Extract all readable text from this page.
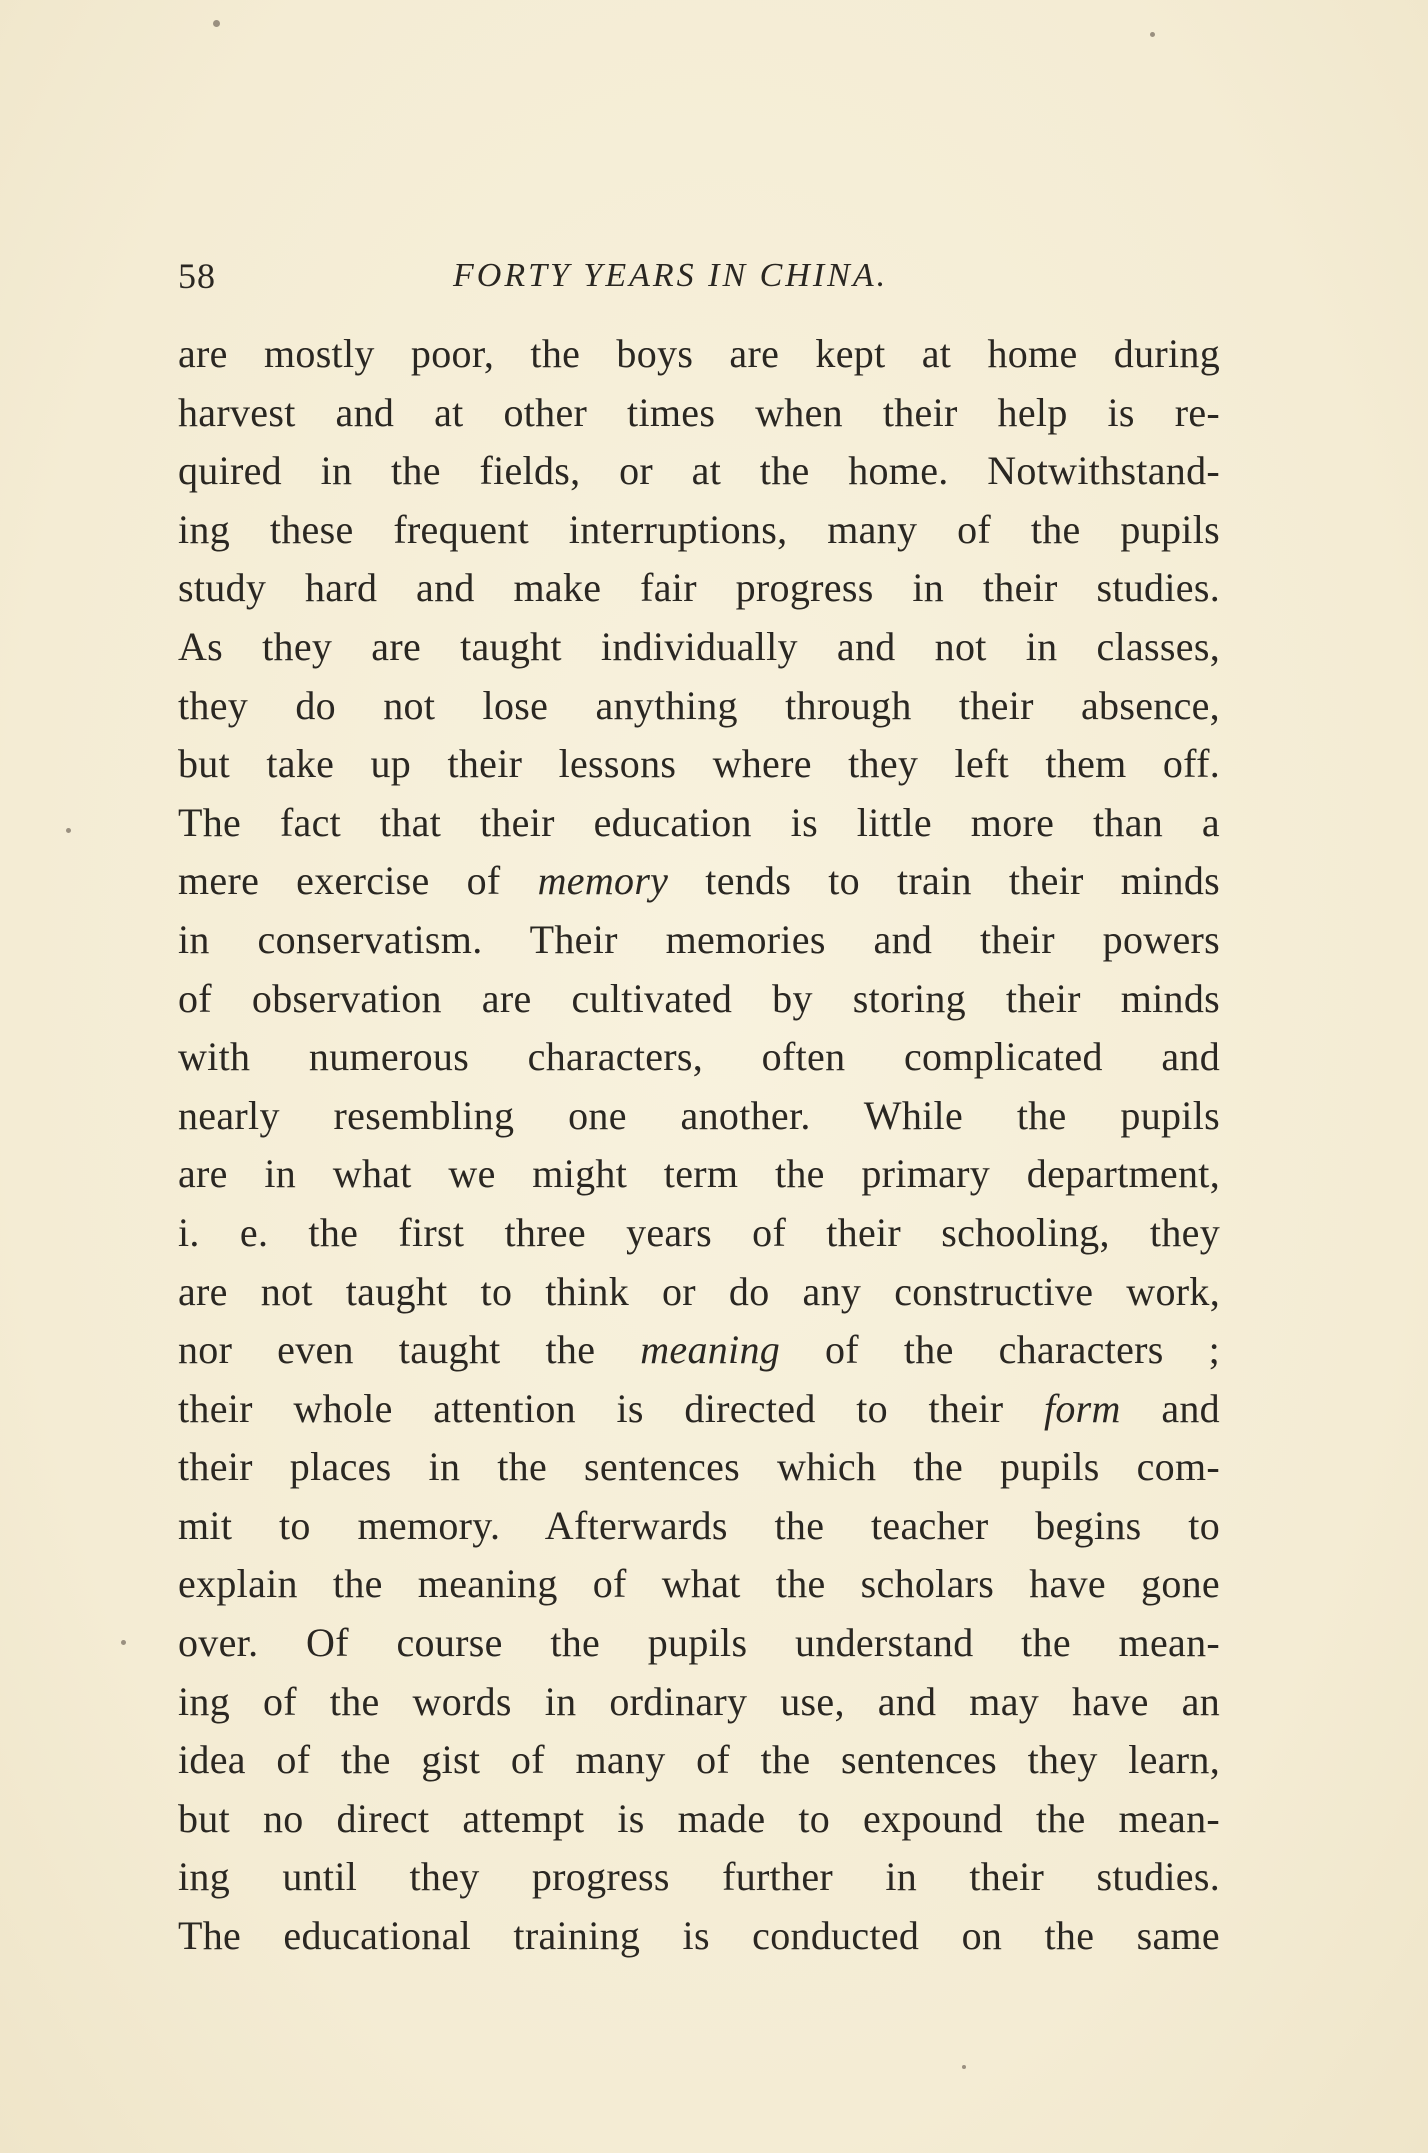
58	FORTY YEARS IN CHINA.
are mostly poor, the boys are kept at home during
harvest and at other times when their help is re-
quired in the fields, or at the home. Notwithstand-
ing these frequent interruptions, many of the pupils
study hard and make fair progress in their studies.
As they are taught individually and not in classes,
they do not lose anything through their absence,
but take up their lessons where they left them off.
The fact that their education is little more than a
mere exercise of memory tends to train their minds
in conservatism. Their memories and their powers
of observation are cultivated by storing their minds
with numerous characters, often complicated and
nearly resembling one another. While the pupils
are in what we might term the primary department,
i. e. the first three years of their schooling, they
are not taught to think or do any constructive work,
nor even taught the meaning of the characters ;
their whole attention is directed to their form and
their places in the sentences which the pupils com-
mit to memory. Afterwards the teacher begins to
explain the meaning of what the scholars have gone
over. Of course the pupils understand the mean-
ing of the words in ordinary use, and may have an
idea of the gist of many of the sentences they learn,
but no direct attempt is made to expound the mean-
ing until they progress further in their studies.
The educational training is conducted on the same
